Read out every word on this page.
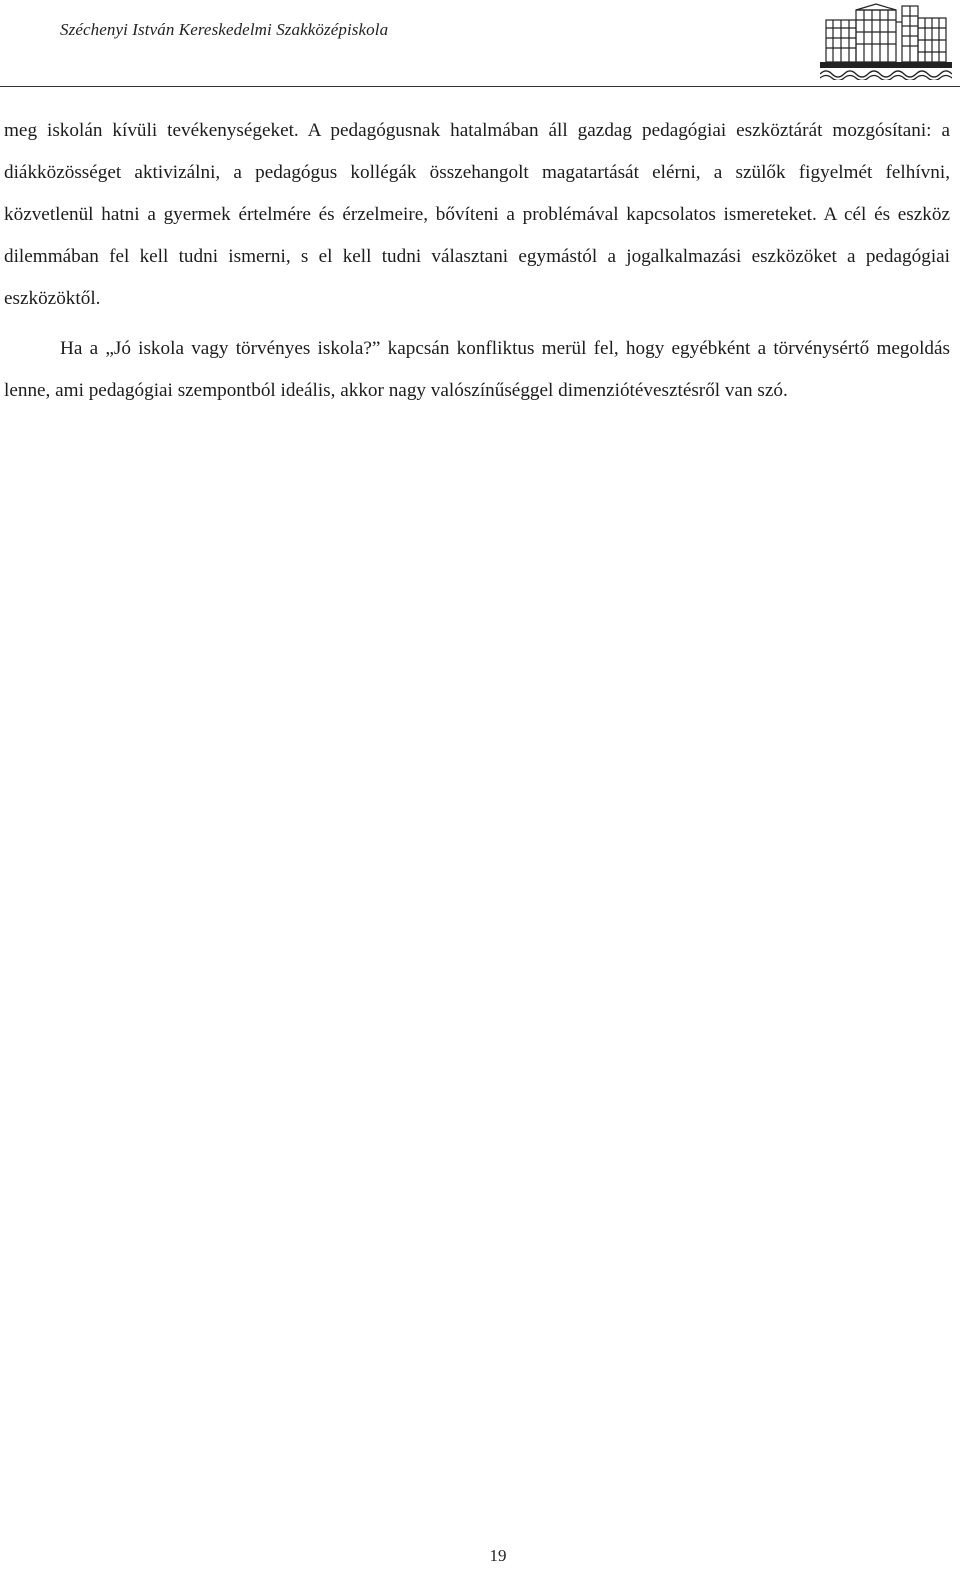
Széchenyi István Kereskedelmi Szakközépiskola

meg iskolán kívüli tevékenységeket. A pedagógusnak hatalmában áll gazdag pedagógiai eszköztárát mozgósítani: a diákközösséget aktivizálni, a pedagógus kollégák összehangolt magatartását elérni, a szülők figyelmét felhívni, közvetlenül hatni a gyermek értelmére és érzelmeire, bővíteni a problémával kapcsolatos ismereteket. A cél és eszköz dilemmában fel kell tudni ismerni, s el kell tudni választani egymástól a jogalkalmazási eszközöket a pedagógiai eszközöktől.

Ha a „Jó iskola vagy törvényes iskola?” kapcsán konfliktus merül fel, hogy egyébként a törvénysértő megoldás lenne, ami pedagógiai szempontból ideális, akkor nagy valószínűséggel dimenziótévesztésről van szó.

19
